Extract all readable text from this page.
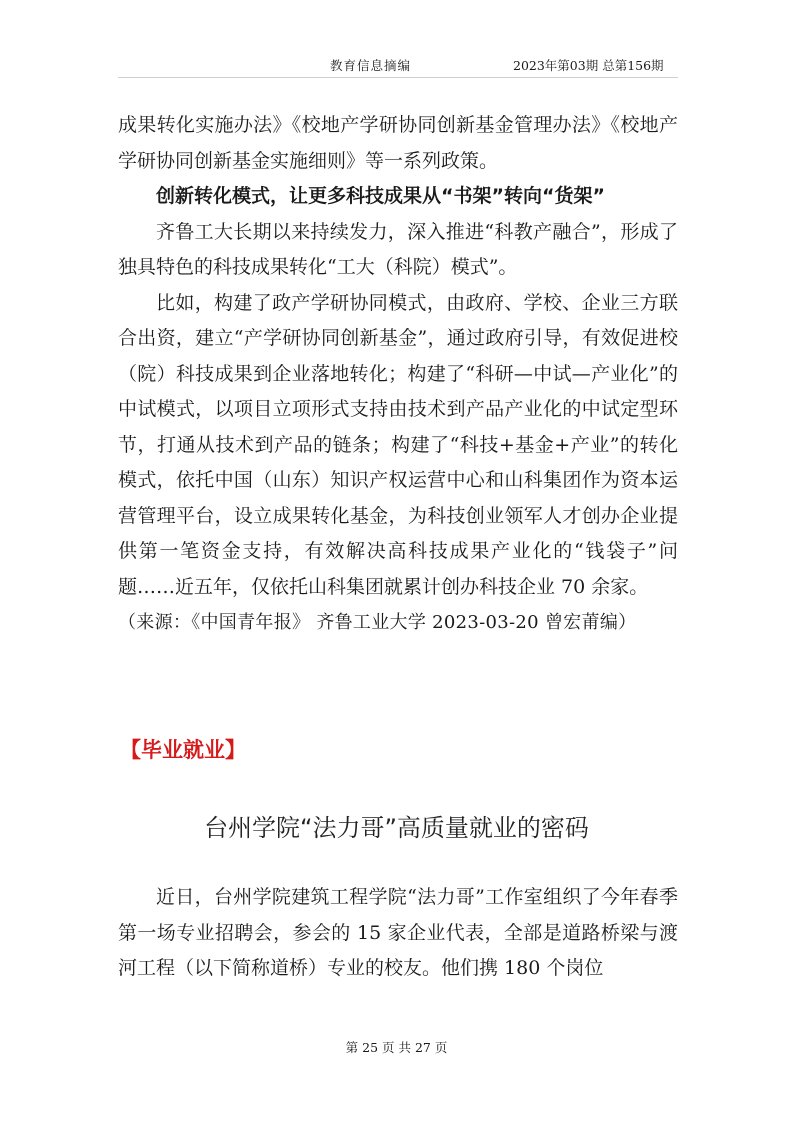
教育信息摘编	2023年第03期 总第156期

成果转化实施办法》《校地产学研协同创新基金管理办法》《校地产学研协同创新基金实施细则》等一系列政策。

创新转化模式，让更多科技成果从“书架”转向“货架”

齐鲁工大长期以来持续发力，深入推进“科教产融合”，形成了独具特色的科技成果转化“工大（科院）模式”。

比如，构建了政产学研协同模式，由政府、学校、企业三方联合出资，建立“产学研协同创新基金”，通过政府引导，有效促进校（院）科技成果到企业落地转化；构建了“科研—中试—产业化”的中试模式，以项目立项形式支持由技术到产品产业化的中试定型环节，打通从技术到产品的链条；构建了“科技+基金+产业”的转化模式，依托中国（山东）知识产权运营中心和山科集团作为资本运营管理平台，设立成果转化基金，为科技创业领军人才创办企业提供第一笔资金支持，有效解决高科技成果产业化的“钱袋子”问题……近五年，仅依托山科集团就累计创办科技企业 70 余家。

（来源：《中国青年报》 齐鲁工业大学 2023-03-20 曾宏莆编）

【毕业就业】
台州学院“法力哥”高质量就业的密码

近日，台州学院建筑工程学院“法力哥”工作室组织了今年春季第一场专业招聘会，参会的 15 家企业代表，全部是道路桥梁与渡河工程（以下简称道桥）专业的校友。他们携 180 个岗位

第 25 页 共 27 页
